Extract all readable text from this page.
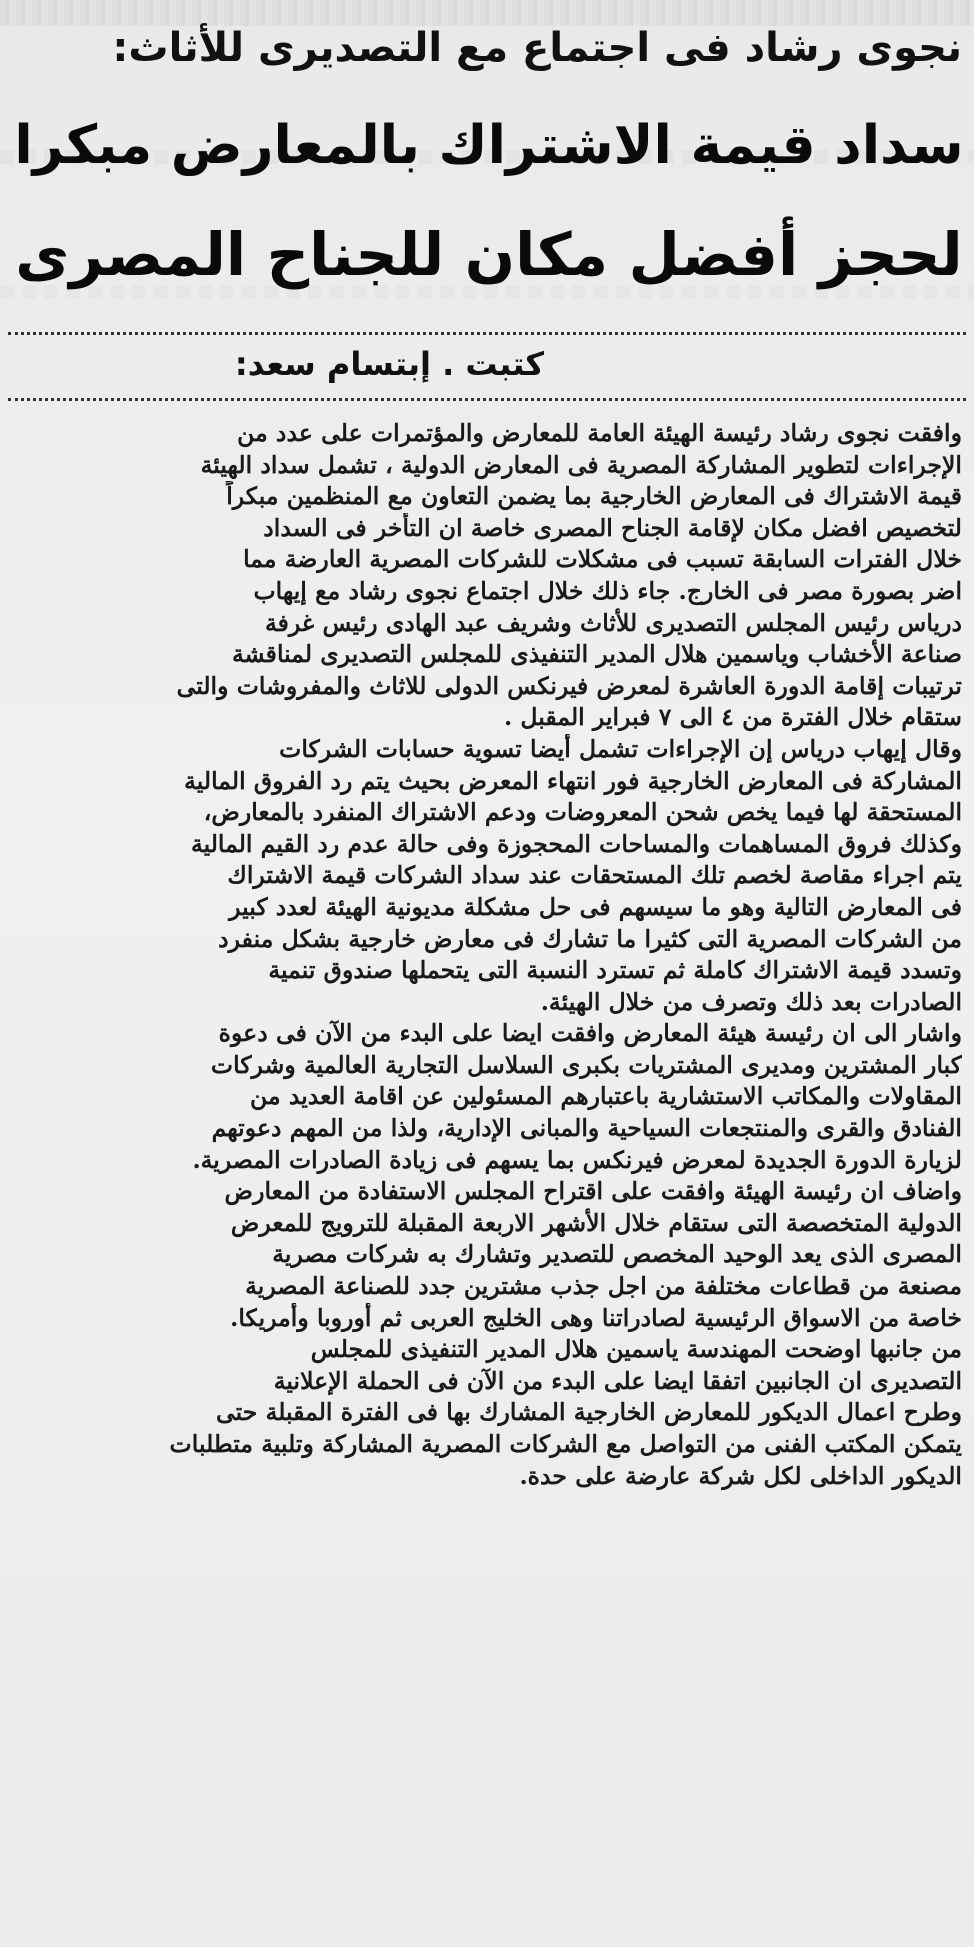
نجوى رشاد فى اجتماع مع التصديرى للأثاث:
سداد قيمة الاشتراك بالمعارض مبكرا
لحجز أفضل مكان للجناح المصرى
كتبت . إبتسام سعد:
وافقت نجوى رشاد رئيسة الهيئة العامة للمعارض والمؤتمرات على عدد من
الإجراءات لتطوير المشاركة المصرية فى المعارض الدولية ، تشمل سداد الهيئة
قيمة الاشتراك فى المعارض الخارجية بما يضمن التعاون مع المنظمين مبكراً
لتخصيص افضل مكان لإقامة الجناح المصرى خاصة ان التأخر فى السداد
خلال الفترات السابقة تسبب فى مشكلات للشركات المصرية العارضة مما
اضر بصورة مصر فى الخارج. جاء ذلك خلال اجتماع نجوى رشاد مع إيهاب
درياس رئيس المجلس التصديرى للأثاث وشريف عبد الهادى رئيس غرفة
صناعة الأخشاب وياسمين هلال المدير التنفيذى للمجلس التصديرى لمناقشة
ترتيبات إقامة الدورة العاشرة لمعرض فيرنكس الدولى للاثاث والمفروشات والتى
ستقام خلال الفترة من ٤ الى ٧ فبراير المقبل .
وقال إيهاب درياس إن الإجراءات تشمل أيضا تسوية حسابات الشركات
المشاركة فى المعارض الخارجية فور انتهاء المعرض بحيث يتم رد الفروق المالية
المستحقة لها فيما يخص شحن المعروضات ودعم الاشتراك المنفرد بالمعارض،
وكذلك فروق المساهمات والمساحات المحجوزة وفى حالة عدم رد القيم المالية
يتم اجراء مقاصة لخصم تلك المستحقات عند سداد الشركات قيمة الاشتراك
فى المعارض التالية وهو ما سيسهم فى حل مشكلة مديونية الهيئة لعدد كبير
من الشركات المصرية التى كثيرا ما تشارك فى معارض خارجية بشكل منفرد
وتسدد قيمة الاشتراك كاملة ثم تسترد النسبة التى يتحملها صندوق تنمية
الصادرات بعد ذلك وتصرف من خلال الهيئة.
واشار الى ان رئيسة هيئة المعارض وافقت ايضا على البدء من الآن فى دعوة
كبار المشترين ومديرى المشتريات بكبرى السلاسل التجارية العالمية وشركات
المقاولات والمكاتب الاستشارية باعتبارهم المسئولين عن اقامة العديد من
الفنادق والقرى والمنتجعات السياحية والمبانى الإدارية، ولذا من المهم دعوتهم
لزيارة الدورة الجديدة لمعرض فيرنكس بما يسهم فى زيادة الصادرات المصرية.
واضاف ان رئيسة الهيئة وافقت على اقتراح المجلس الاستفادة من المعارض
الدولية المتخصصة التى ستقام خلال الأشهر الاربعة المقبلة للترويج للمعرض
المصرى الذى يعد الوحيد المخصص للتصدير وتشارك به شركات مصرية
مصنعة من قطاعات مختلفة من اجل جذب مشترين جدد للصناعة المصرية
خاصة من الاسواق الرئيسية لصادراتنا وهى الخليج العربى ثم أوروبا وأمريكا.
من جانبها اوضحت المهندسة ياسمين هلال المدير التنفيذى للمجلس
التصديرى ان الجانبين اتفقا ايضا على البدء من الآن فى الحملة الإعلانية
وطرح اعمال الديكور للمعارض الخارجية المشارك بها فى الفترة المقبلة حتى
يتمكن المكتب الفنى من التواصل مع الشركات المصرية المشاركة وتلبية متطلبات
الديكور الداخلى لكل شركة عارضة على حدة.
